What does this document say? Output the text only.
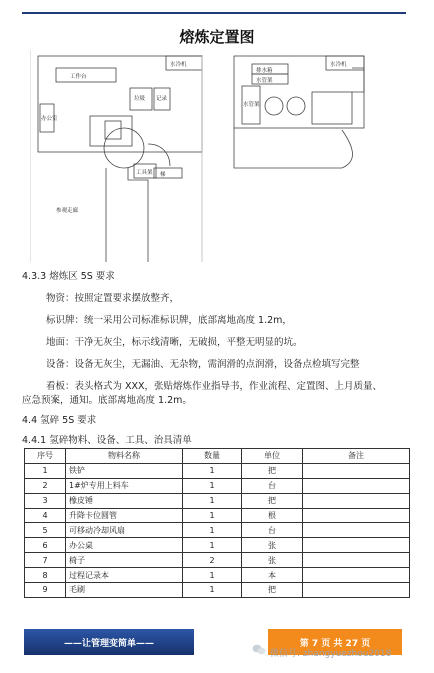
熔炼定置图
水冷机
工作台
办公室
垃圾 记录
工具架 梯
参观走廊
水冷机
排水箱
水管架
水管架
4.3.3 熔炼区 5S 要求
物资：按照定置要求摆放整齐，
标识牌：统一采用公司标准标识牌，底部离地高度 1.2m，
地面：干净无灰尘，标示线清晰，无破损，平整无明显的坑。
设备：设备无灰尘，无漏油、无杂物，需润滑的点润滑，设备点检填写完整
看板：表头格式为 XXX，张贴熔炼作业指导书，作业流程、定置图、上月质量、
应急预案，通知。底部离地高度 1.2m。
4.4 氢碎 5S 要求
4.4.1 氢碎物料、设备、工具、治具清单
序号	物料名称	数量	单位	备注
1	铁铲	1	把	
2	1#炉专用上料车	1	台	
3	橡皮锤	1	把	
4	升降卡位圆管	1	根	
5	可移动冷却风扇	1	台	
6	办公桌	1	张	
7	椅子	2	张	
8	过程记录本	1	本	
9	毛刷	1	把	
——让管理变简单——	第 7 页 共 27 页
微信号: zhangyuezhou2018
